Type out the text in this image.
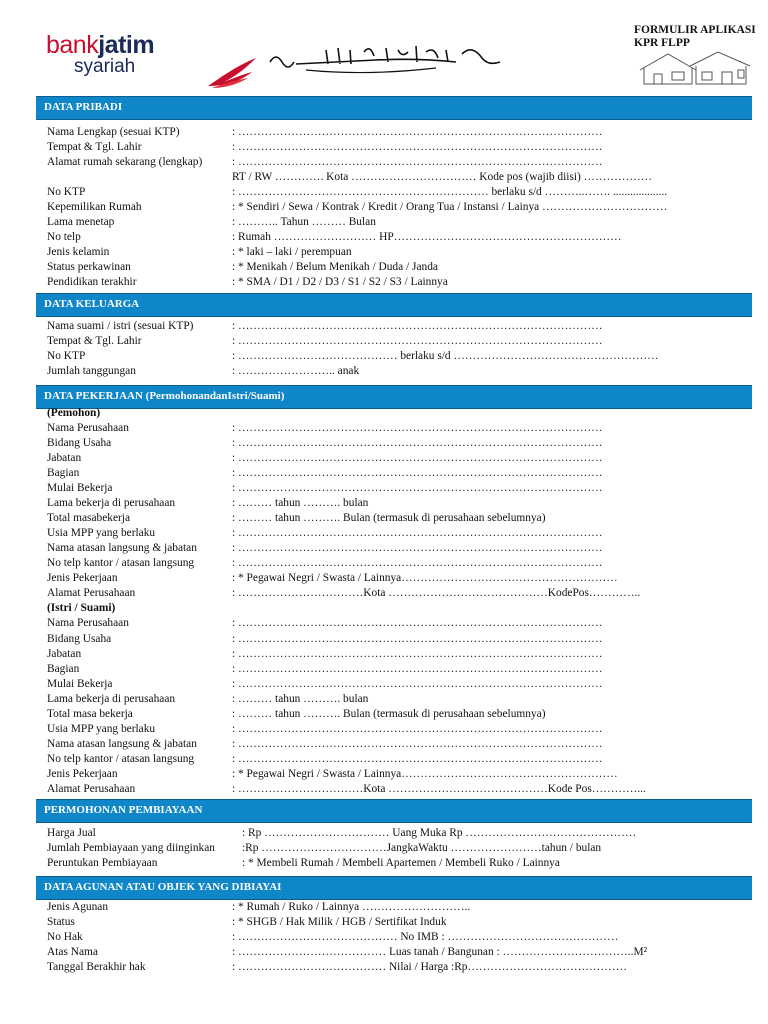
bankjatim
syariah
FORMULIR APLIKASI
KPR FLPP
DATA PRIBADI
DATA KELUARGA
DATA PEKERJAAN (PermohonandanIstri/Suami)
PERMOHONAN PEMBIAYAAN
DATA AGUNAN ATAU OBJEK YANG DIBIAYAI
Nama Lengkap (sesuai KTP)	: ……………………………………………………………………………………
Tempat & Tgl. Lahir	: ……………………………………………………………………………………
Alamat rumah sekarang (lengkap)	: ……………………………………………………………………………………
RT / RW …………. Kota …………………………… Kode pos (wajib diisi) ………………
No KTP	: ………………………………………………………… berlaku s/d ………..……. ...................
Kepemilikan Rumah	: * Sendiri / Sewa / Kontrak / Kredit / Orang Tua / Instansi / Lainya ……………………………
Lama menetap	: ……….. Tahun ……… Bulan
No telp	: Rumah ……………………… HP……………………………………………………
Jenis kelamin	: * laki – laki / perempuan
Status perkawinan	: * Menikah / Belum Menikah / Duda / Janda
Pendidikan terakhir	: * SMA / D1 / D2 / D3 / S1 / S2 / S3 / Lainnya
Nama suami / istri (sesuai KTP)	: ……………………………………………………………………………………
Tempat & Tgl. Lahir	: ……………………………………………………………………………………
No KTP	: …………………………………… berlaku s/d ………………………………………………
Jumlah tanggungan	: …………………….. anak
(Pemohon)
Nama Perusahaan	: ……………………………………………………………………………………
Bidang Usaha	: ……………………………………………………………………………………
Jabatan	: ……………………………………………………………………………………
Bagian	: ……………………………………………………………………………………
Mulai Bekerja	: ……………………………………………………………………………………
Lama bekerja di perusahaan	: ……… tahun ………. bulan
Total masabekerja	: ……… tahun ………. Bulan (termasuk di perusahaan sebelumnya)
Usia MPP yang berlaku	: ……………………………………………………………………………………
Nama atasan langsung & jabatan	: ……………………………………………………………………………………
No telp kantor / atasan langsung	: ……………………………………………………………………………………
Jenis Pekerjaan	: * Pegawai Negri / Swasta / Lainnya…………………………………………………
Alamat Perusahaan	: ……………………………Kota ……………………………………KodePos…………..
(Istri / Suami)
Nama Perusahaan	: ……………………………………………………………………………………
Bidang Usaha	: ……………………………………………………………………………………
Jabatan	: ……………………………………………………………………………………
Bagian	: ……………………………………………………………………………………
Mulai Bekerja	: ……………………………………………………………………………………
Lama bekerja di perusahaan	: ……… tahun ………. bulan
Total masa bekerja	: ……… tahun ………. Bulan (termasuk di perusahaan sebelumnya)
Usia MPP yang berlaku	: ……………………………………………………………………………………
Nama atasan langsung & jabatan	: ……………………………………………………………………………………
No telp kantor / atasan langsung	: ……………………………………………………………………………………
Jenis Pekerjaan	: * Pegawai Negri / Swasta / Lainnya…………………………………………………
Alamat Perusahaan	: ……………………………Kota ……………………………………Kode Pos…………...
Harga Jual	: Rp …………………………… Uang Muka Rp ………………………………………
Jumlah Pembiayaan yang diinginkan :Rp ……………………………JangkaWaktu ……………………tahun / bulan
Peruntukan Pembiayaan	: * Membeli Rumah / Membeli Apartemen / Membeli Ruko / Lainnya
Jenis Agunan	: * Rumah / Ruko / Lainnya ………………………..
Status	: * SHGB / Hak Milik / HGB / Sertifikat Induk
No Hak	: …………………………………… No IMB : ………………………………………
Atas Nama	: ………………………………… Luas tanah / Bangunan : ……………………………..M²
Tanggal Berakhir hak	: ………………………………… Nilai / Harga :Rp……………………………………
